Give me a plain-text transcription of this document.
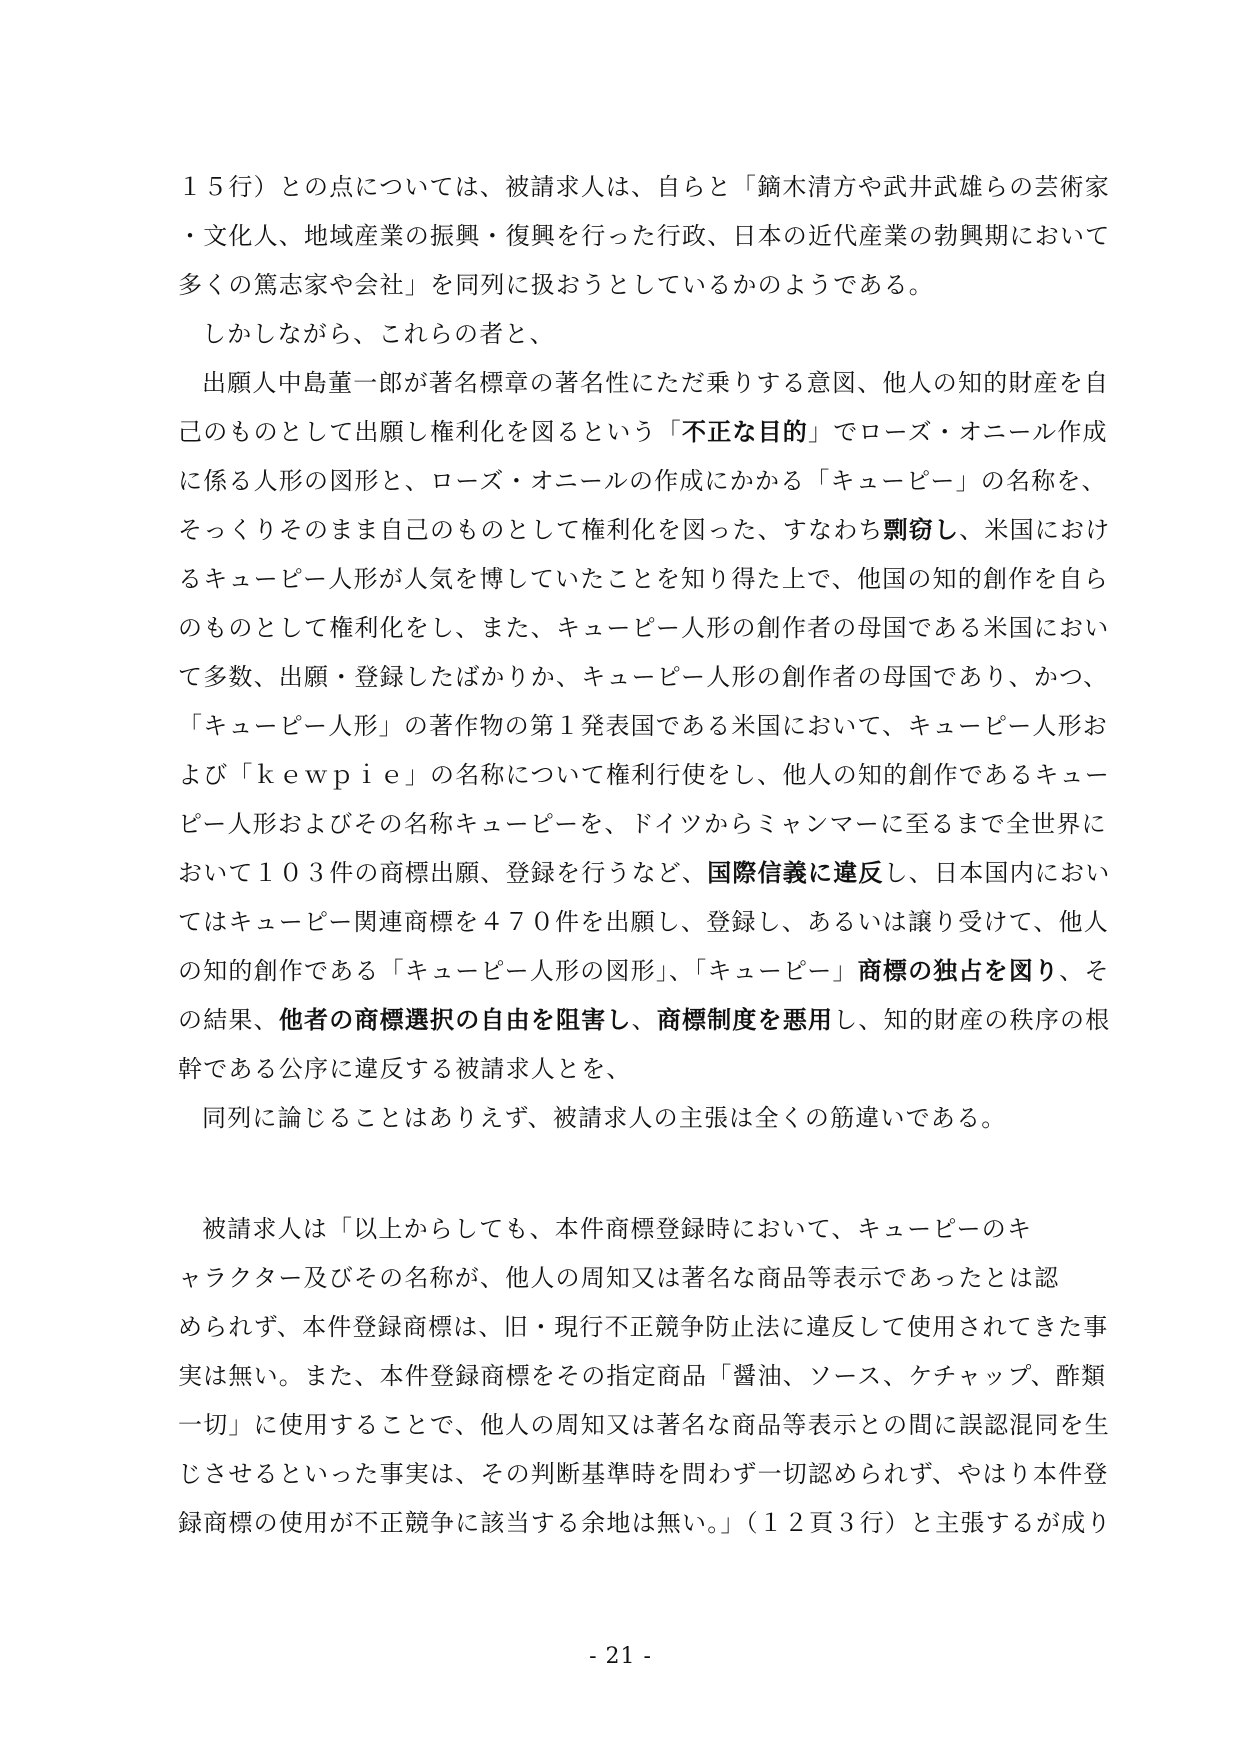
１５行）との点については、被請求人は、自らと「鏑木清方や武井武雄らの芸術家
・文化人、地域産業の振興・復興を行った行政、日本の近代産業の勃興期において
多くの篤志家や会社」を同列に扱おうとしているかのようである。
しかしながら、これらの者と、
出願人中島董一郎が著名標章の著名性にただ乗りする意図、他人の知的財産を自
己のものとして出願し権利化を図るという「不正な目的」でローズ・オニール作成
に係る人形の図形と、ローズ・オニールの作成にかかる「キューピー」の名称を、
そっくりそのまま自己のものとして権利化を図った、すなわち剽窃し、米国におけ
るキューピー人形が人気を博していたことを知り得た上で、他国の知的創作を自ら
のものとして権利化をし、また、キューピー人形の創作者の母国である米国におい
て多数、出願・登録したばかりか、キューピー人形の創作者の母国であり、かつ、
「キューピー人形」の著作物の第１発表国である米国において、キューピー人形お
よび「ｋｅｗｐｉｅ」の名称について権利行使をし、他人の知的創作であるキュー
ピー人形およびその名称キューピーを、ドイツからミャンマーに至るまで全世界に
おいて１０３件の商標出願、登録を行うなど、国際信義に違反し、日本国内におい
てはキューピー関連商標を４７０件を出願し、登録し、あるいは譲り受けて、他人
の知的創作である「キューピー人形の図形」、「キューピー」商標の独占を図り、そ
の結果、他者の商標選択の自由を阻害し、商標制度を悪用し、知的財産の秩序の根
幹である公序に違反する被請求人とを、
同列に論じることはありえず、被請求人の主張は全くの筋違いである。
被請求人は「以上からしても、本件商標登録時において、キューピーのキ
ャラクター及びその名称が、他人の周知又は著名な商品等表示であったとは認
められず、本件登録商標は、旧・現行不正競争防止法に違反して使用されてきた事
実は無い。また、本件登録商標をその指定商品「醤油、ソース、ケチャップ、酢類
一切」に使用することで、他人の周知又は著名な商品等表示との間に誤認混同を生
じさせるといった事実は、その判断基準時を問わず一切認められず、やはり本件登
録商標の使用が不正競争に該当する余地は無い。」（１２頁３行）と主張するが成り
- 21 -
